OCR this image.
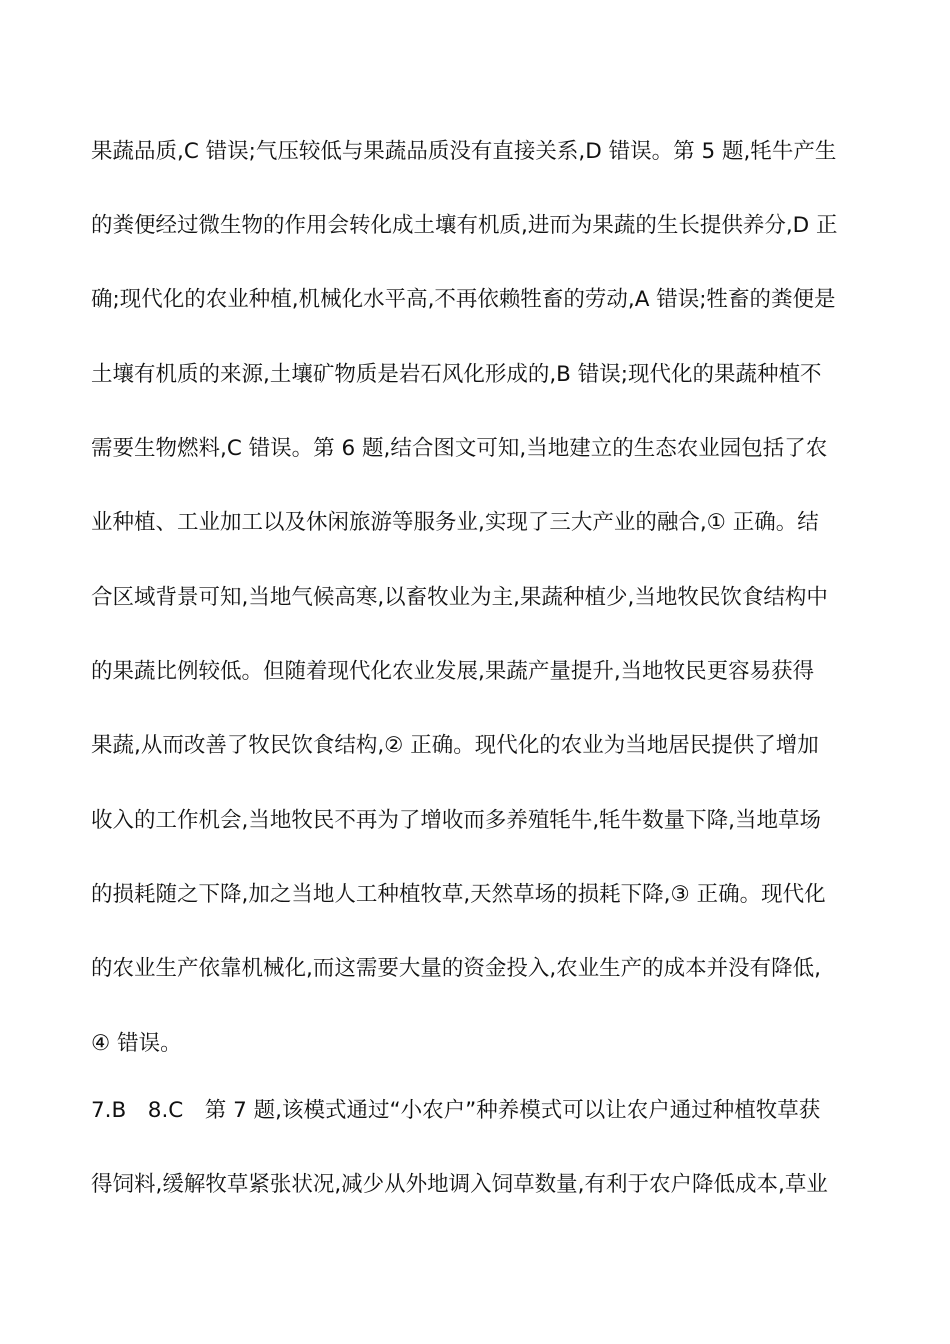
果蔬品质,C 错误;气压较低与果蔬品质没有直接关系,D 错误。第 5 题,牦牛产生
的粪便经过微生物的作用会转化成土壤有机质,进而为果蔬的生长提供养分,D 正
确;现代化的农业种植,机械化水平高,不再依赖牲畜的劳动,A 错误;牲畜的粪便是
土壤有机质的来源,土壤矿物质是岩石风化形成的,B 错误;现代化的果蔬种植不
需要生物燃料,C 错误。第 6 题,结合图文可知,当地建立的生态农业园包括了农
业种植、工业加工以及休闲旅游等服务业,实现了三大产业的融合,① 正确。结
合区域背景可知,当地气候高寒,以畜牧业为主,果蔬种植少,当地牧民饮食结构中
的果蔬比例较低。但随着现代化农业发展,果蔬产量提升,当地牧民更容易获得
果蔬,从而改善了牧民饮食结构,② 正确。现代化的农业为当地居民提供了增加
收入的工作机会,当地牧民不再为了增收而多养殖牦牛,牦牛数量下降,当地草场
的损耗随之下降,加之当地人工种植牧草,天然草场的损耗下降,③ 正确。现代化
的农业生产依靠机械化,而这需要大量的资金投入,农业生产的成本并没有降低,
④ 错误。
7.B　8.C　第 7 题,该模式通过“小农户”种养模式可以让农户通过种植牧草获
得饲料,缓解牧草紧张状况,减少从外地调入饲草数量,有利于农户降低成本,草业
